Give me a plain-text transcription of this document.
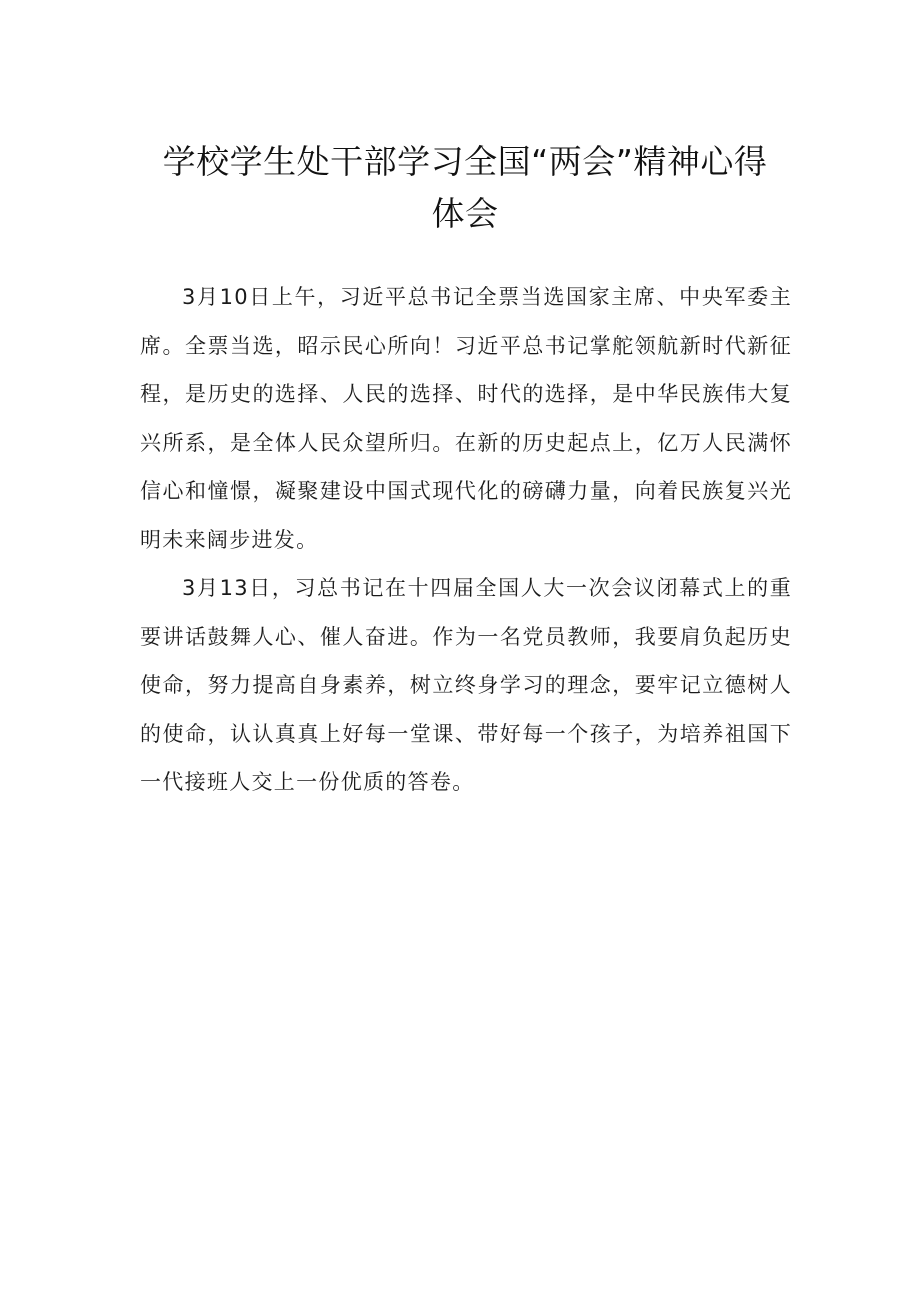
学校学生处干部学习全国“两会”精神心得
体会

3月10日上午，习近平总书记全票当选国家主席、中央军委主席。全票当选，昭示民心所向！习近平总书记掌舵领航新时代新征程，是历史的选择、人民的选择、时代的选择，是中华民族伟大复兴所系，是全体人民众望所归。在新的历史起点上，亿万人民满怀信心和憧憬，凝聚建设中国式现代化的磅礴力量，向着民族复兴光明未来阔步进发。

3月13日，习总书记在十四届全国人大一次会议闭幕式上的重要讲话鼓舞人心、催人奋进。作为一名党员教师，我要肩负起历史使命，努力提高自身素养，树立终身学习的理念，要牢记立德树人的使命，认认真真上好每一堂课、带好每一个孩子，为培养祖国下一代接班人交上一份优质的答卷。
